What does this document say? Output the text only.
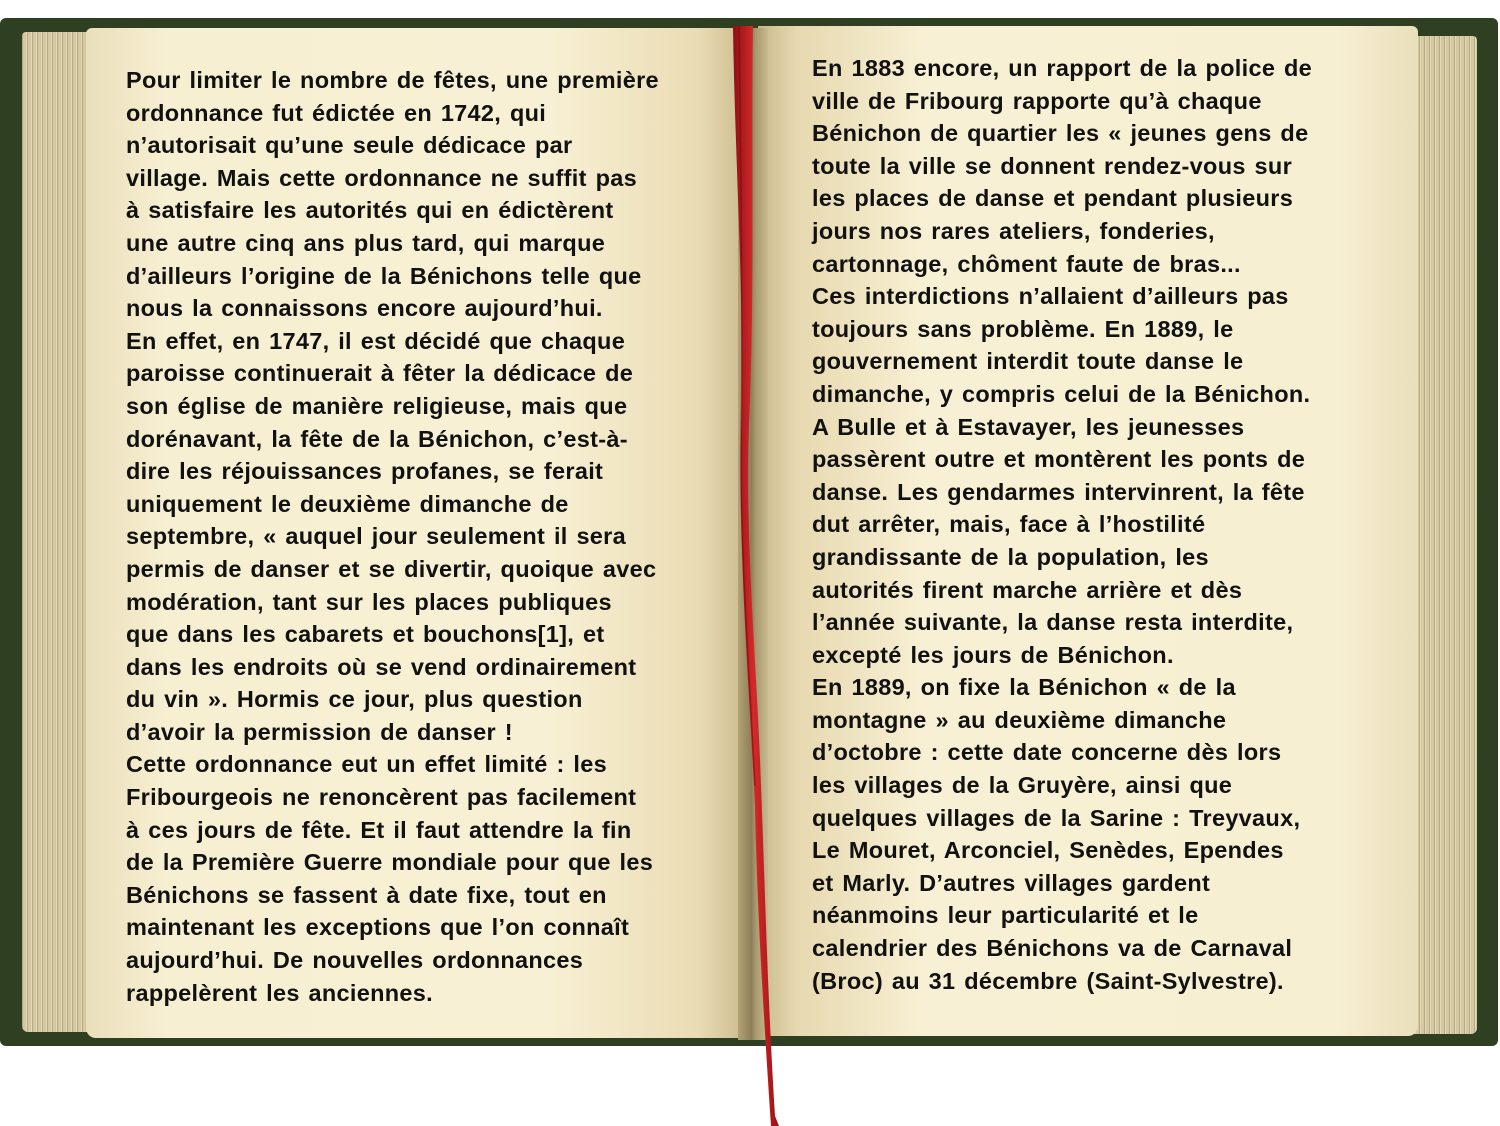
Pour limiter le nombre de fêtes, une première
ordonnance fut édictée en 1742, qui
n’autorisait qu’une seule dédicace par
village. Mais cette ordonnance ne suffit pas
à satisfaire les autorités qui en édictèrent
une autre cinq ans plus tard, qui marque
d’ailleurs l’origine de la Bénichons telle que
nous la connaissons encore aujourd’hui.
En effet, en 1747, il est décidé que chaque
paroisse continuerait à fêter la dédicace de
son église de manière religieuse, mais que
dorénavant, la fête de la Bénichon, c’est-à-
dire les réjouissances profanes, se ferait
uniquement le deuxième dimanche de
septembre, « auquel jour seulement il sera
permis de danser et se divertir, quoique avec
modération, tant sur les places publiques
que dans les cabarets et bouchons[1], et
dans les endroits où se vend ordinairement
du vin ». Hormis ce jour, plus question
d’avoir la permission de danser !
Cette ordonnance eut un effet limité : les
Fribourgeois ne renoncèrent pas facilement
à ces jours de fête. Et il faut attendre la fin
de la Première Guerre mondiale pour que les
Bénichons se fassent à date fixe, tout en
maintenant les exceptions que l’on connaît
aujourd’hui. De nouvelles ordonnances
rappelèrent les anciennes.
En 1883 encore, un rapport de la police de
ville de Fribourg rapporte qu’à chaque
Bénichon de quartier les « jeunes gens de
toute la ville se donnent rendez-vous sur
les places de danse et pendant plusieurs
jours nos rares ateliers, fonderies,
cartonnage, chôment faute de bras...
Ces interdictions n’allaient d’ailleurs pas
toujours sans problème. En 1889, le
gouvernement interdit toute danse le
dimanche, y compris celui de la Bénichon.
A Bulle et à Estavayer, les jeunesses
passèrent outre et montèrent les ponts de
danse. Les gendarmes intervinrent, la fête
dut arrêter, mais, face à l’hostilité
grandissante de la population, les
autorités firent marche arrière et dès
l’année suivante, la danse resta interdite,
excepté les jours de Bénichon.
En 1889, on fixe la Bénichon « de la
montagne » au deuxième dimanche
d’octobre : cette date concerne dès lors
les villages de la Gruyère, ainsi que
quelques villages de la Sarine : Treyvaux,
Le Mouret, Arconciel, Senèdes, Ependes
et Marly. D’autres villages gardent
néanmoins leur particularité et le
calendrier des Bénichons va de Carnaval
(Broc) au 31 décembre (Saint-Sylvestre).
